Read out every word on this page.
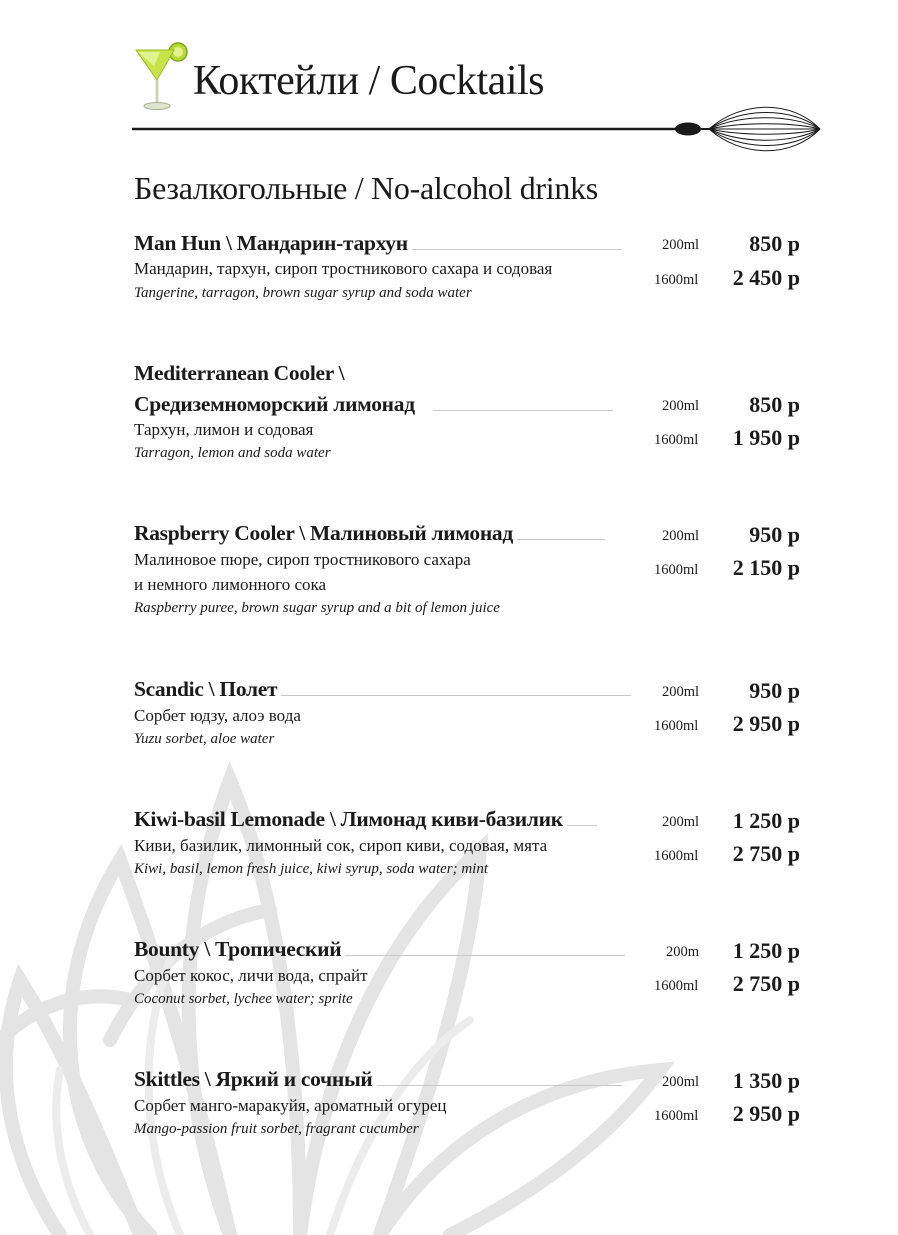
Коктейли / Cocktails
Безалкогольные / No-alcohol drinks
Man Hun \ Мандарин-тархун	200ml 850 р
Мандарин, тархун, сироп тростникового сахара и содовая
1600ml 2 450 р
Tangerine, tarragon, brown sugar syrup and soda water
Mediterranean Cooler \
Средиземноморский лимонад	200ml 850 р
Тархун, лимон и содовая
1600ml 1 950 р
Tarragon, lemon and soda water
Raspberry Cooler \ Малиновый лимонад	200ml 950 р
Малиновое пюре, сироп тростникового сахара
1600ml 2 150 р
и немного лимонного сока
Raspberry puree, brown sugar syrup and a bit of lemon juice
Scandic \ Полет	200ml 950 р
Сорбет юдзу, алоэ вода
1600ml 2 950 р
Yuzu sorbet, aloe water
Kiwi-basil Lemonade \ Лимонад киви-базилик	200ml 1 250 р
Киви, базилик, лимонный сок, сироп киви, содовая, мята
1600ml 2 750 р
Kiwi, basil, lemon fresh juice, kiwi syrup, soda water; mint
Bounty \ Тропический	200m 1 250 р
Сорбет кокос, личи вода, спрайт
1600ml 2 750 р
Coconut sorbet, lychee water; sprite
Skittles \ Яркий и сочный	200ml 1 350 р
Сорбет манго-маракуйя, ароматный огурец
1600ml 2 950 р
Mango-passion fruit sorbet, fragrant cucumber
